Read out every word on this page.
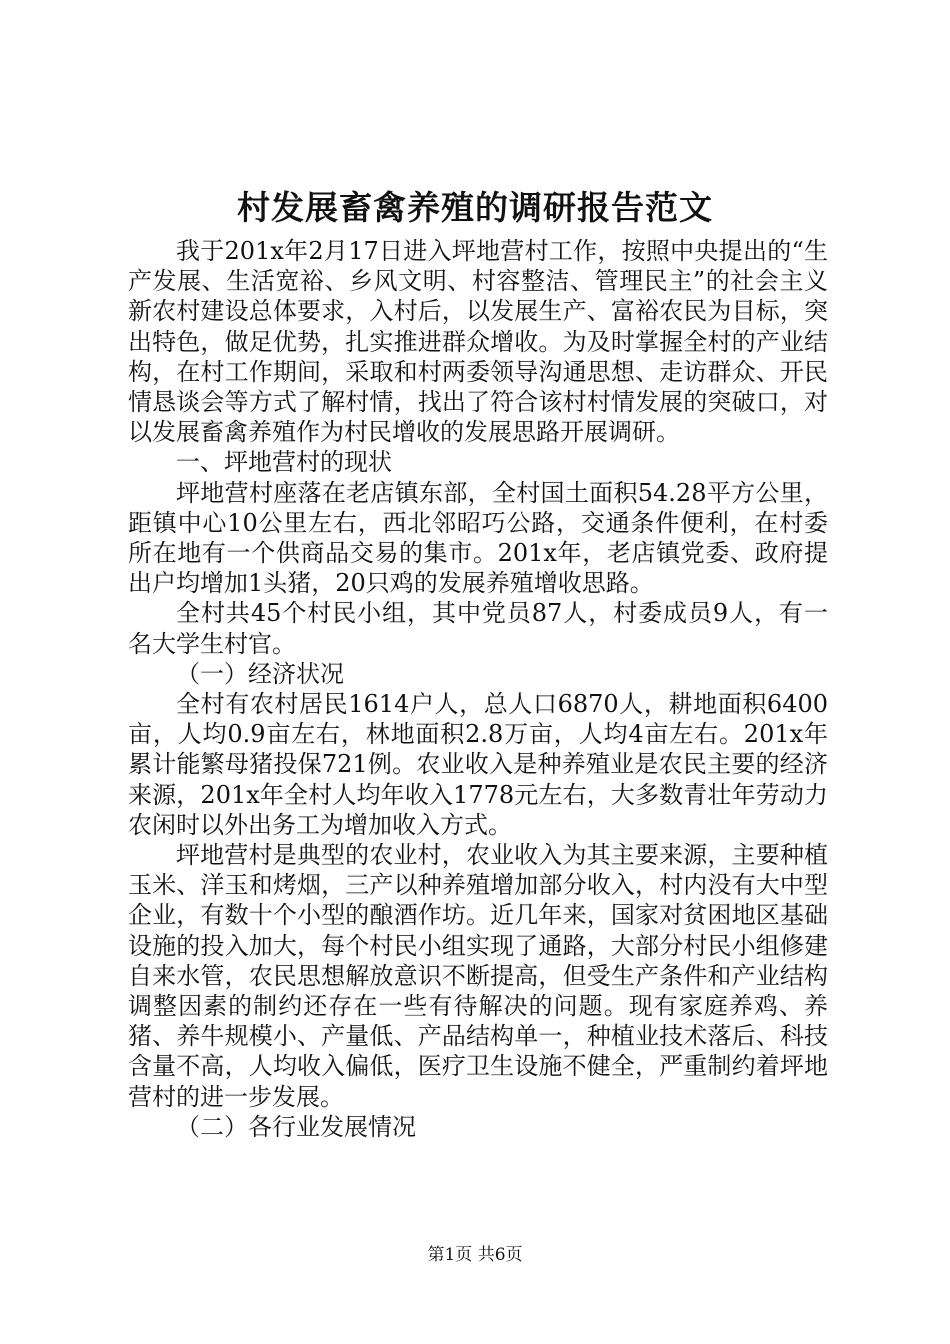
村发展畜禽养殖的调研报告范文

我于201x年2月17日进入坪地营村工作，按照中央提出的“生产发展、生活宽裕、乡风文明、村容整洁、管理民主”的社会主义新农村建设总体要求，入村后，以发展生产、富裕农民为目标，突出特色，做足优势，扎实推进群众增收。为及时掌握全村的产业结构，在村工作期间，采取和村两委领导沟通思想、走访群众、开民情恳谈会等方式了解村情，找出了符合该村村情发展的突破口，对以发展畜禽养殖作为村民增收的发展思路开展调研。

一、坪地营村的现状

坪地营村座落在老店镇东部，全村国土面积54.28平方公里，距镇中心10公里左右，西北邻昭巧公路，交通条件便利，在村委所在地有一个供商品交易的集市。201x年，老店镇党委、政府提出户均增加1头猪，20只鸡的发展养殖增收思路。

全村共45个村民小组，其中党员87人，村委成员9人，有一名大学生村官。

（一）经济状况

全村有农村居民1614户人，总人口6870人，耕地面积6400亩，人均0.9亩左右，林地面积2.8万亩，人均4亩左右。201x年累计能繁母猪投保721例。农业收入是种养殖业是农民主要的经济来源，201x年全村人均年收入1778元左右，大多数青壮年劳动力农闲时以外出务工为增加收入方式。

坪地营村是典型的农业村，农业收入为其主要来源，主要种植玉米、洋玉和烤烟，三产以种养殖增加部分收入，村内没有大中型企业，有数十个小型的酿酒作坊。近几年来，国家对贫困地区基础设施的投入加大，每个村民小组实现了通路，大部分村民小组修建自来水管，农民思想解放意识不断提高，但受生产条件和产业结构调整因素的制约还存在一些有待解决的问题。现有家庭养鸡、养猪、养牛规模小、产量低、产品结构单一，种植业技术落后、科技含量不高，人均收入偏低，医疗卫生设施不健全，严重制约着坪地营村的进一步发展。

（二）各行业发展情况

第1页 共6页
